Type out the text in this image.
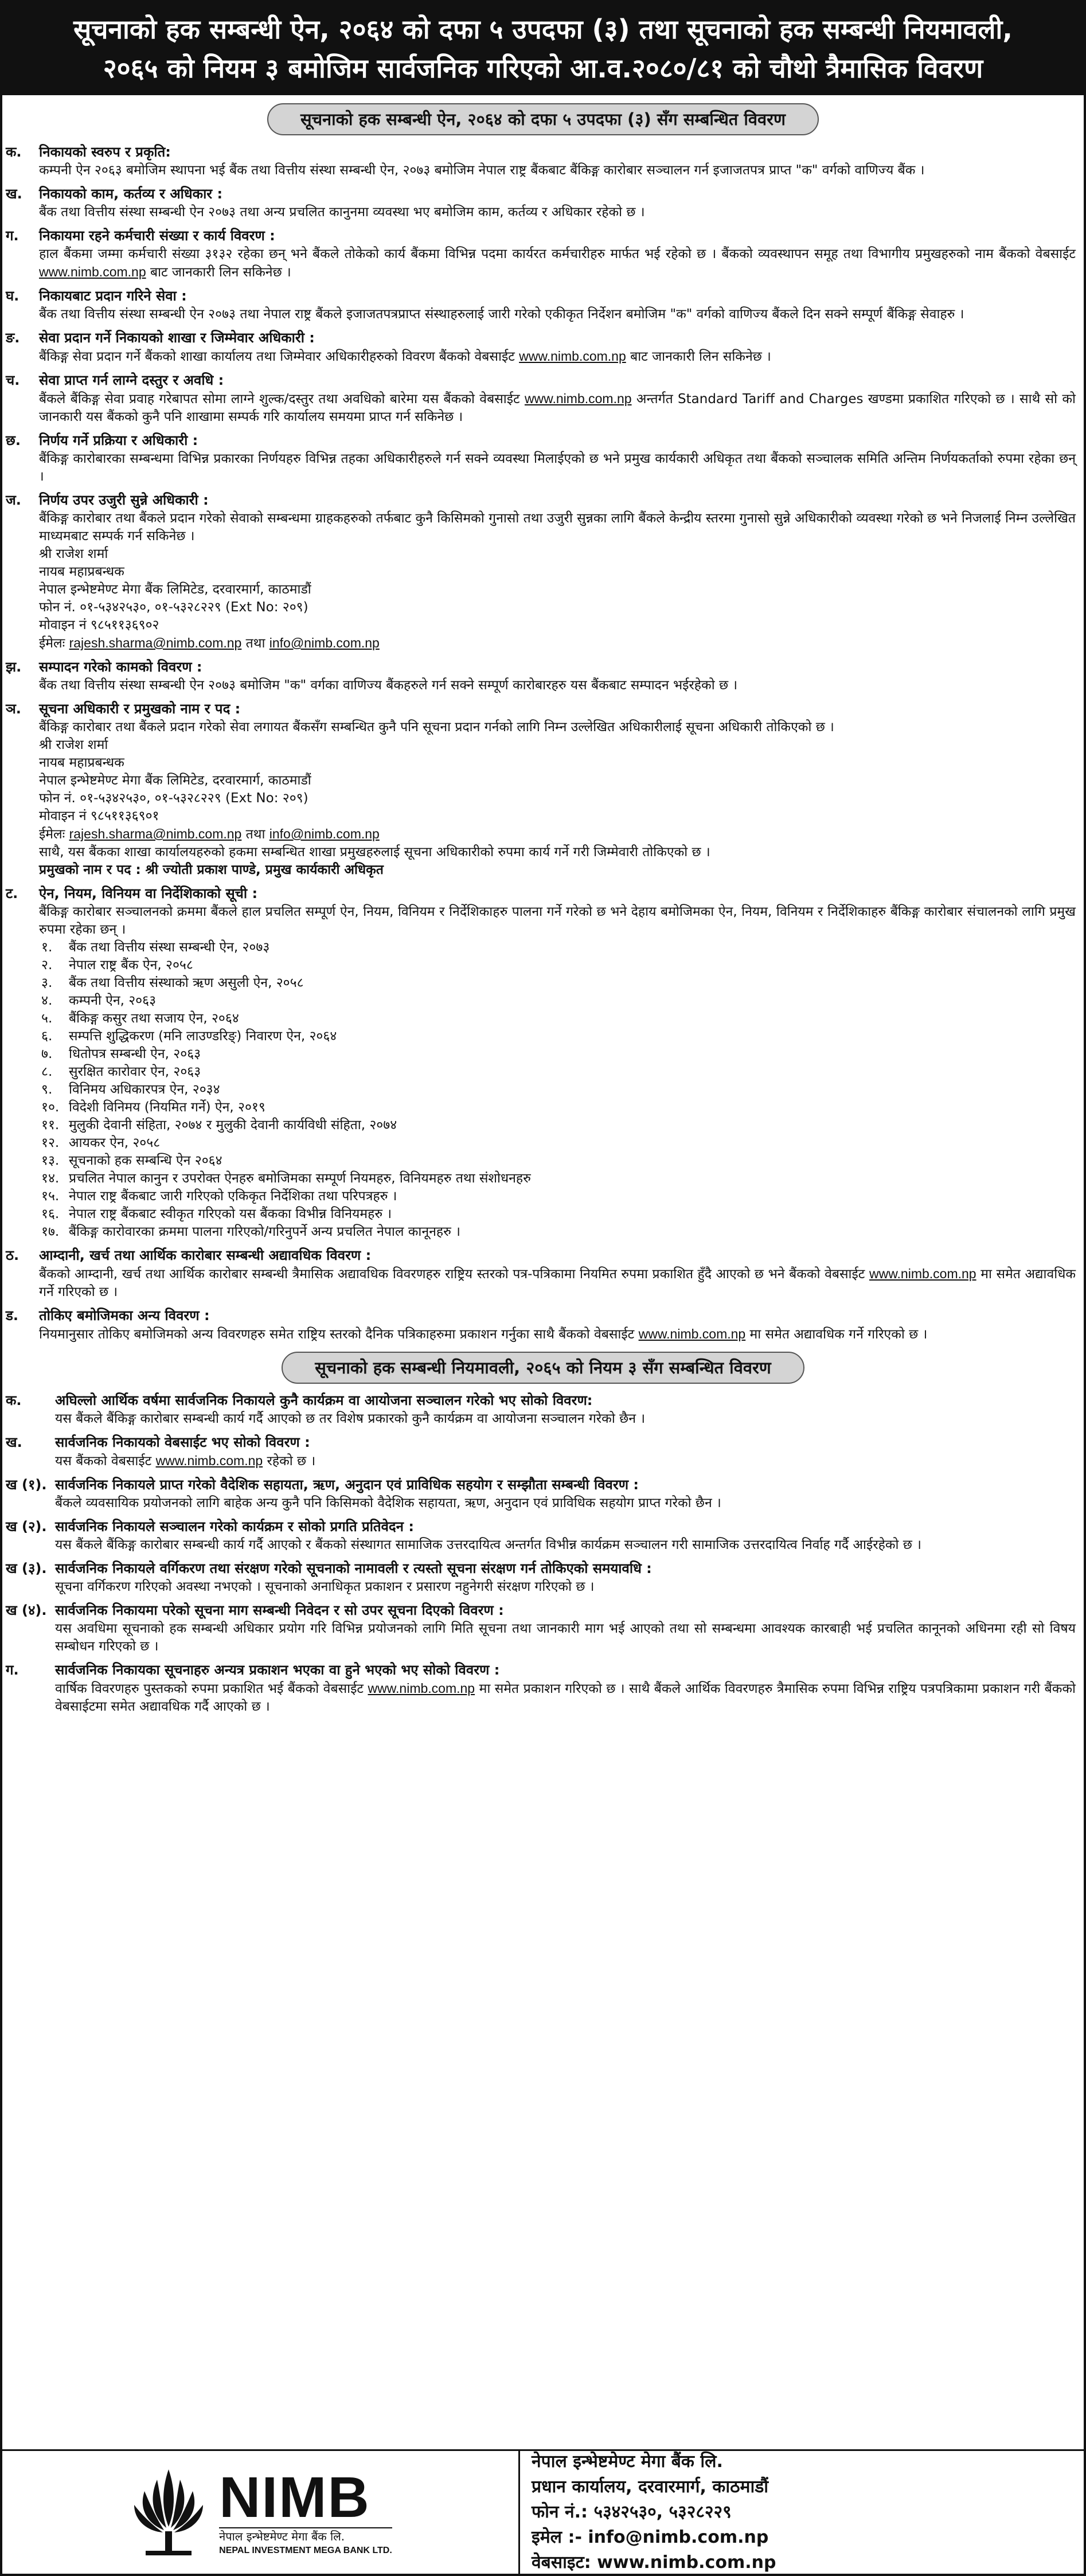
सूचनाको हक सम्बन्धी ऐन, २०६४ को दफा ५ उपदफा (३) तथा सूचनाको हक सम्बन्धी नियमावली,
२०६५ को नियम ३ बमोजिम सार्वजनिक गरिएको आ.व.२०८०/८१ को चौथो त्रैमासिक विवरण
सूचनाको हक सम्बन्धी ऐन, २०६४ को दफा ५ उपदफा (३) सँग सम्बन्धित विवरण
क.	निकायको स्वरुप र प्रकृति:
कम्पनी ऐन २०६३ बमोजिम स्थापना भई बैंक तथा वित्तीय संस्था सम्बन्धी ऐन, २०७३ बमोजिम नेपाल राष्ट्र बैंकबाट बैंकिङ्ग कारोबार सञ्चालन गर्न इजाजतपत्र प्राप्त "क" वर्गको वाणिज्य बैंक ।
ख.	निकायको काम, कर्तव्य र अधिकार :
बैंक तथा वित्तीय संस्था सम्बन्धी ऐन २०७३ तथा अन्य प्रचलित कानुनमा व्यवस्था भए बमोजिम काम, कर्तव्य र अधिकार रहेको छ ।
ग.	निकायमा रहने कर्मचारी संख्या र कार्य विवरण :
हाल बैंकमा जम्मा कर्मचारी संख्या ३१३२ रहेका छन् भने बैंकले तोकेको कार्य बैंकमा विभिन्न पदमा कार्यरत कर्मचारीहरु मार्फत भई रहेको छ । बैंकको व्यवस्थापन समूह तथा विभागीय प्रमुखहरुको नाम बैंकको वेबसाईट www.nimb.com.np बाट जानकारी लिन सकिनेछ ।
घ.	निकायबाट प्रदान गरिने सेवा :
बैंक तथा वित्तीय संस्था सम्बन्धी ऐन २०७३ तथा नेपाल राष्ट्र बैंकले इजाजतपत्रप्राप्त संस्थाहरुलाई जारी गरेको एकीकृत निर्देशन बमोजिम "क" वर्गको वाणिज्य बैंकले दिन सक्ने सम्पूर्ण बैंकिङ्ग सेवाहरु ।
ङ.	सेवा प्रदान गर्ने निकायको शाखा र जिम्मेवार अधिकारी :
बैंकिङ्ग सेवा प्रदान गर्ने बैंकको शाखा कार्यालय तथा जिम्मेवार अधिकारीहरुको विवरण बैंकको वेबसाईट www.nimb.com.np बाट जानकारी लिन सकिनेछ ।
च.	सेवा प्राप्त गर्न लाग्ने दस्तुर र अवधि :
बैंकले बैंकिङ्ग सेवा प्रवाह गरेबापत सोमा लाग्ने शुल्क/दस्तुर तथा अवधिको बारेमा यस बैंकको वेबसाईट www.nimb.com.np अन्तर्गत Standard Tariff and Charges खण्डमा प्रकाशित गरिएको छ । साथै सो को जानकारी यस बैंकको कुनै पनि शाखामा सम्पर्क गरि कार्यालय समयमा प्राप्त गर्न सकिनेछ ।
छ.	निर्णय गर्ने प्रक्रिया र अधिकारी :
बैंकिङ्ग कारोबारका सम्बन्धमा विभिन्न प्रकारका निर्णयहरु विभिन्न तहका अधिकारीहरुले गर्न सक्ने व्यवस्था मिलाईएको छ भने प्रमुख कार्यकारी अधिकृत तथा बैंकको सञ्चालक समिति अन्तिम निर्णयकर्ताको रुपमा रहेका छन् ।
ज.	निर्णय उपर उजुरी सुन्ने अधिकारी :
बैंकिङ्ग कारोबार तथा बैंकले प्रदान गरेको सेवाको सम्बन्धमा ग्राहकहरुको तर्फबाट कुनै किसिमको गुनासो तथा उजुरी सुन्नका लागि बैंकले केन्द्रीय स्तरमा गुनासो सुन्ने अधिकारीको व्यवस्था गरेको छ भने निजलाई निम्न उल्लेखित माध्यमबाट सम्पर्क गर्न सकिनेछ ।
श्री राजेश शर्मा
नायब महाप्रबन्धक
नेपाल इन्भेष्टमेण्ट मेगा बैंक लिमिटेड, दरवारमार्ग, काठमाडौं
फोन नं. ०१-५३४२५३०, ०१-५३२८२२९ (Ext No: २०९)
मोवाइन नं ९८५११३६९०२
ईमेलः rajesh.sharma@nimb.com.np तथा info@nimb.com.np
झ.	सम्पादन गरेको कामको विवरण :
बैंक तथा वित्तीय संस्था सम्बन्धी ऐन २०७३ बमोजिम "क" वर्गका वाणिज्य बैंकहरुले गर्न सक्ने सम्पूर्ण कारोबारहरु यस बैंकबाट सम्पादन भईरहेको छ ।
ञ.	सूचना अधिकारी र प्रमुखको नाम र पद :
बैंकिङ्ग कारोबार तथा बैंकले प्रदान गरेको सेवा लगायत बैंकसँग सम्बन्धित कुनै पनि सूचना प्रदान गर्नको लागि निम्न उल्लेखित अधिकारीलाई सूचना अधिकारी तोकिएको छ ।
श्री राजेश शर्मा
नायब महाप्रबन्धक
नेपाल इन्भेष्टमेण्ट मेगा बैंक लिमिटेड, दरवारमार्ग, काठमाडौं
फोन नं. ०१-५३४२५३०, ०१-५३२८२२९ (Ext No: २०९)
मोवाइन नं ९८५११३६९०१
ईमेलः rajesh.sharma@nimb.com.np तथा info@nimb.com.np
साथै, यस बैंकका शाखा कार्यालयहरुको हकमा सम्बन्धित शाखा प्रमुखहरुलाई सूचना अधिकारीको रुपमा कार्य गर्ने गरी जिम्मेवारी तोकिएको छ ।
प्रमुखको नाम र पद : श्री ज्योती प्रकाश पाण्डे, प्रमुख कार्यकारी अधिकृत
ट.	ऐन, नियम, विनियम वा निर्देशिकाको सूची :
बैंकिङ्ग कारोबार सञ्चालनको क्रममा बैंकले हाल प्रचलित सम्पूर्ण ऐन, नियम, विनियम र निर्देशिकाहरु पालना गर्ने गरेको छ भने देहाय बमोजिमका ऐन, नियम, विनियम र निर्देशिकाहरु बैंकिङ्ग कारोबार संचालनको लागि प्रमुख रुपमा रहेका छन् ।
१. बैंक तथा वित्तीय संस्था सम्बन्धी ऐन, २०७३
२. नेपाल राष्ट्र बैंक ऐन, २०५८
३. बैंक तथा वित्तीय संस्थाको ऋण असुली ऐन, २०५८
४. कम्पनी ऐन, २०६३
५. बैंकिङ्ग कसुर तथा सजाय ऐन, २०६४
६. सम्पत्ति शुद्धिकरण (मनि लाउण्डरिङ्) निवारण ऐन, २०६४
७. धितोपत्र सम्बन्धी ऐन, २०६३
८. सुरक्षित कारोवार ऐन, २०६३
९. विनिमय अधिकारपत्र ऐन, २०३४
१०. विदेशी विनिमय (नियमित गर्ने) ऐन, २०१९
११. मुलुकी देवानी संहिता, २०७४ र मुलुकी देवानी कार्यविधी संहिता, २०७४
१२. आयकर ऐन, २०५८
१३. सूचनाको हक सम्बन्धि ऐन २०६४
१४. प्रचलित नेपाल कानुन र उपरोक्त ऐनहरु बमोजिमका सम्पूर्ण नियमहरु, विनियमहरु तथा संशोधनहरु
१५. नेपाल राष्ट्र बैंकबाट जारी गरिएको एकिकृत निर्देशिका तथा परिपत्रहरु ।
१६. नेपाल राष्ट्र बैंकबाट स्वीकृत गरिएको यस बैंकका विभीन्न विनियमहरु ।
१७. बैंकिङ्ग कारोवारका क्रममा पालना गरिएको/गरिनुपर्ने अन्य प्रचलित नेपाल कानूनहरु ।
ठ.	आम्दानी, खर्च तथा आर्थिक कारोबार सम्बन्धी अद्यावधिक विवरण :
बैंकको आम्दानी, खर्च तथा आर्थिक कारोबार सम्बन्धी त्रैमासिक अद्यावधिक विवरणहरु राष्ट्रिय स्तरको पत्र-पत्रिकामा नियमित रुपमा प्रकाशित हुँदै आएको छ भने बैंकको वेबसाईट www.nimb.com.np मा समेत अद्यावधिक गर्ने गरिएको छ ।
ड.	तोकिए बमोजिमका अन्य विवरण :
नियमानुसार तोकिए बमोजिमको अन्य विवरणहरु समेत राष्ट्रिय स्तरको दैनिक पत्रिकाहरुमा प्रकाशन गर्नुका साथै बैंकको वेबसाईट www.nimb.com.np मा समेत अद्यावधिक गर्ने गरिएको छ ।
सूचनाको हक सम्बन्धी नियमावली, २०६५ को नियम ३ सँग सम्बन्धित विवरण
क.	अघिल्लो आर्थिक वर्षमा सार्वजनिक निकायले कुनै कार्यक्रम वा आयोजना सञ्चालन गरेको भए सोको विवरण:
यस बैंकले बैंकिङ्ग कारोबार सम्बन्धी कार्य गर्दै आएको छ तर विशेष प्रकारको कुनै कार्यक्रम वा आयोजना सञ्चालन गरेको छैन ।
ख.	सार्वजनिक निकायको वेबसाईट भए सोको विवरण :
यस बैंकको वेबसाईट www.nimb.com.np रहेको छ ।
ख (१). सार्वजनिक निकायले प्राप्त गरेको वैदेशिक सहायता, ऋण, अनुदान एवं प्राविधिक सहयोग र सम्झौता सम्बन्धी विवरण :
बैंकले व्यवसायिक प्रयोजनको लागि बाहेक अन्य कुनै पनि किसिमको वैदेशिक सहायता, ऋण, अनुदान एवं प्राविधिक सहयोग प्राप्त गरेको छैन ।
ख (२). सार्वजनिक निकायले सञ्चालन गरेको कार्यक्रम र सोको प्रगति प्रतिवेदन :
यस बैंकले बैंकिङ्ग कारोबार सम्बन्धी कार्य गर्दै आएको र बैंकको संस्थागत सामाजिक उत्तरदायित्व अन्तर्गत विभीन्न कार्यक्रम सञ्चालन गरी सामाजिक उत्तरदायित्व निर्वाह गर्दै आईरहेको छ ।
ख (३). सार्वजनिक निकायले वर्गिकरण तथा संरक्षण गरेको सूचनाको नामावली र त्यस्तो सूचना संरक्षण गर्न तोकिएको समयावधि :
सूचना वर्गिकरण गरिएको अवस्था नभएको । सूचनाको अनाधिकृत प्रकाशन र प्रसारण नहुनेगरी संरक्षण गरिएको छ ।
ख (४). सार्वजनिक निकायमा परेको सूचना माग सम्बन्धी निवेदन र सो उपर सूचना दिएको विवरण :
यस अवधिमा सूचनाको हक सम्बन्धी अधिकार प्रयोग गरि विभिन्न प्रयोजनको लागि मिति सूचना तथा जानकारी माग भई आएको तथा सो सम्बन्धमा आवश्यक कारबाही भई प्रचलित कानूनको अधिनमा रही सो विषय सम्बोधन गरिएको छ ।
ग.	सार्वजनिक निकायका सूचनाहरु अन्यत्र प्रकाशन भएका वा हुने भएको भए सोको विवरण :
वार्षिक विवरणहरु पुस्तकको रुपमा प्रकाशित भई बैंकको वेबसाईट www.nimb.com.np मा समेत प्रकाशन गरिएको छ । साथै बैंकले आर्थिक विवरणहरु त्रैमासिक रुपमा विभिन्न राष्ट्रिय पत्रपत्रिकामा प्रकाशन गरी बैंकको वेबसाईटमा समेत अद्यावधिक गर्दै आएको छ ।
NIMB
नेपाल इन्भेष्टमेण्ट मेगा बैंक लि.
NEPAL INVESTMENT MEGA BANK LTD.
नेपाल इन्भेष्टमेण्ट मेगा बैंक लि.
प्रधान कार्यालय, दरवारमार्ग, काठमाडौं
फोन नं.: ५३४२५३०, ५३२८२२९
इमेल :- info@nimb.com.np
वेबसाइट: www.nimb.com.np
